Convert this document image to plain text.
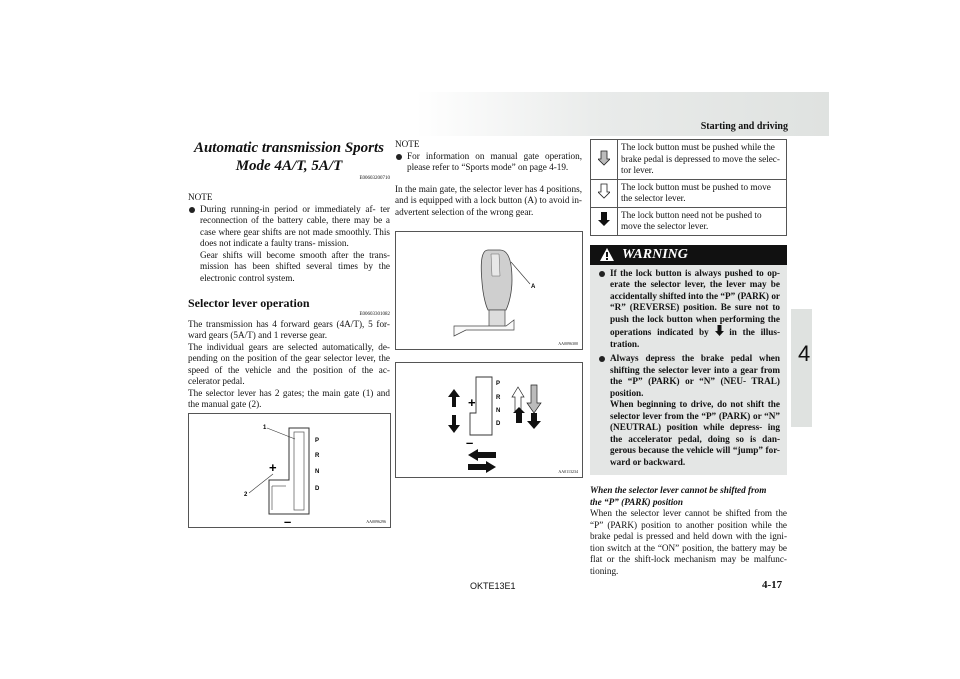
Starting and driving
4
Automatic transmission Sports
Mode 4A/T, 5A/T
E00603200710
NOTE
During running-in period or immediately af- ter reconnection of the battery cable, there may be a case where gear shifts are not made smoothly. This does not indicate a faulty trans- mission.
Gear shifts will become smooth after the trans- mission has been shifted several times by the electronic control system.
Selector lever operation
E00603301082

The transmission has 4 forward gears (4A/T), 5 for- ward gears (5A/T) and 1 reverse gear.

The individual gears are selected automatically, de- pending on the position of the gear selector lever, the speed of the vehicle and the position of the ac- celerator pedal.

The selector lever has 2 gates; the main gate (1) and the manual gate (2).

1
2
P
R
N
D
+
–	AA0096296
NOTE
For information on manual gate operation, please refer to “Sports mode” on page 4-19.

In the main gate, the selector lever has 4 positions, and is equipped with a lock button (A) to avoid in- advertent selection of the wrong gear.

A
AA0096300
P
R
N
D
+
–
AA0113234
	The lock button must be pushed while the brake pedal is depressed to move the selec- tor lever.
	The lock button must be pushed to move the selector lever.
	The lock button need not be pushed to move the selector lever.
WARNING
If the lock button is always pushed to op- erate the selector lever, the lever may be accidentally shifted into the “P” (PARK) or “R” (REVERSE) position. Be sure not to push the lock button when performing the operations indicated by in the illus- tration.
Always depress the brake pedal when shifting the selector lever into a gear from the “P” (PARK) or “N” (NEU- TRAL) position.
When beginning to drive, do not shift the selector lever from the “P” (PARK) or “N” (NEUTRAL) position while depress- ing the accelerator pedal, doing so is dan- gerous because the vehicle will “jump” for- ward or backward.
When the selector lever cannot be shifted from
the “P” (PARK) position

When the selector lever cannot be shifted from the “P” (PARK) position to another position while the brake pedal is pressed and held down with the igni- tion switch at the “ON” position, the battery may be flat or the shift-lock mechanism may be malfunc- tioning.

OKTE13E1	4-17
